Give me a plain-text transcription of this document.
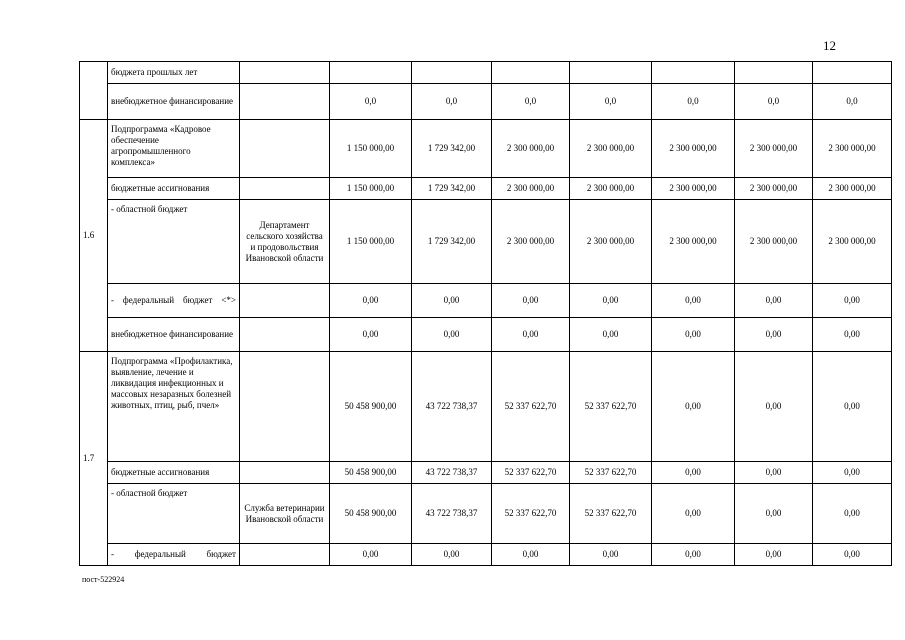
12
	бюджета прошлых лет								
	внебюджетное финансирование		0,0	0,0	0,0	0,0	0,0	0,0	0,0
1.6	Подпрограмма «Кадровое обеспечение агропромышленного комплекса»		1 150 000,00	1 729 342,00	2 300 000,00	2 300 000,00	2 300 000,00	2 300 000,00	2 300 000,00
	бюджетные ассигнования		1 150 000,00	1 729 342,00	2 300 000,00	2 300 000,00	2 300 000,00	2 300 000,00	2 300 000,00
	- областной бюджет	Департамент сельского хозяйства и продовольствия Ивановской области	1 150 000,00	1 729 342,00	2 300 000,00	2 300 000,00	2 300 000,00	2 300 000,00	2 300 000,00
	- федеральный бюджет <*>		0,00	0,00	0,00	0,00	0,00	0,00	0,00
	внебюджетное финансирование		0,00	0,00	0,00	0,00	0,00	0,00	0,00
1.7	Подпрограмма «Профилактика, выявление, лечение и ликвидация инфекционных и массовых незаразных болезней животных, птиц, рыб, пчел»		50 458 900,00	43 722 738,37	52 337 622,70	52 337 622,70	0,00	0,00	0,00
	бюджетные ассигнования		50 458 900,00	43 722 738,37	52 337 622,70	52 337 622,70	0,00	0,00	0,00
	- областной бюджет	Служба ветеринарии Ивановской области	50 458 900,00	43 722 738,37	52 337 622,70	52 337 622,70	0,00	0,00	0,00
	- федеральный бюджет		0,00	0,00	0,00	0,00	0,00	0,00	0,00
пост-522924
